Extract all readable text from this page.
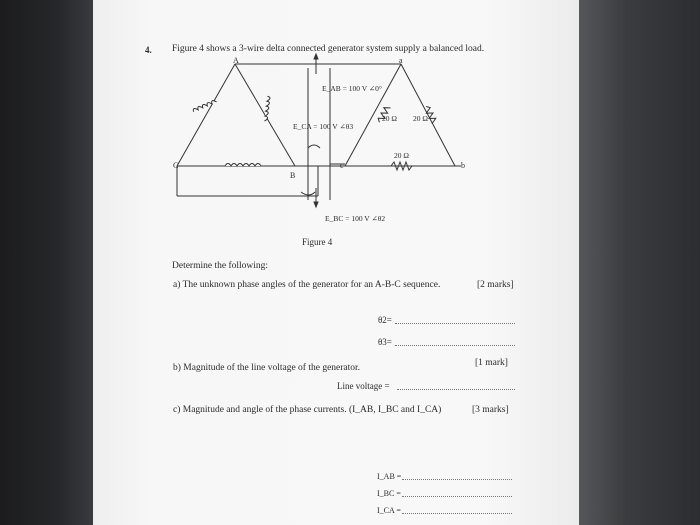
4. Figure 4 shows a 3-wire delta connected generator system supply a balanced load.
A	a
C
B
c	b
E_AB = 100 V ∠0°
E_CA = 100 V ∠θ3
E_BC = 100 V ∠θ2
20 Ω 20 Ω
20 Ω
Figure 4
Determine the following:
a) The unknown phase angles of the generator for an A-B-C sequence.	[2 marks]
θ2=
θ3=
b) Magnitude of the line voltage of the generator.	[1 mark]
Line voltage =
c) Magnitude and angle of the phase currents. (I_AB, I_BC and I_CA)	[3 marks]
I_AB =
I_BC =
I_CA =
